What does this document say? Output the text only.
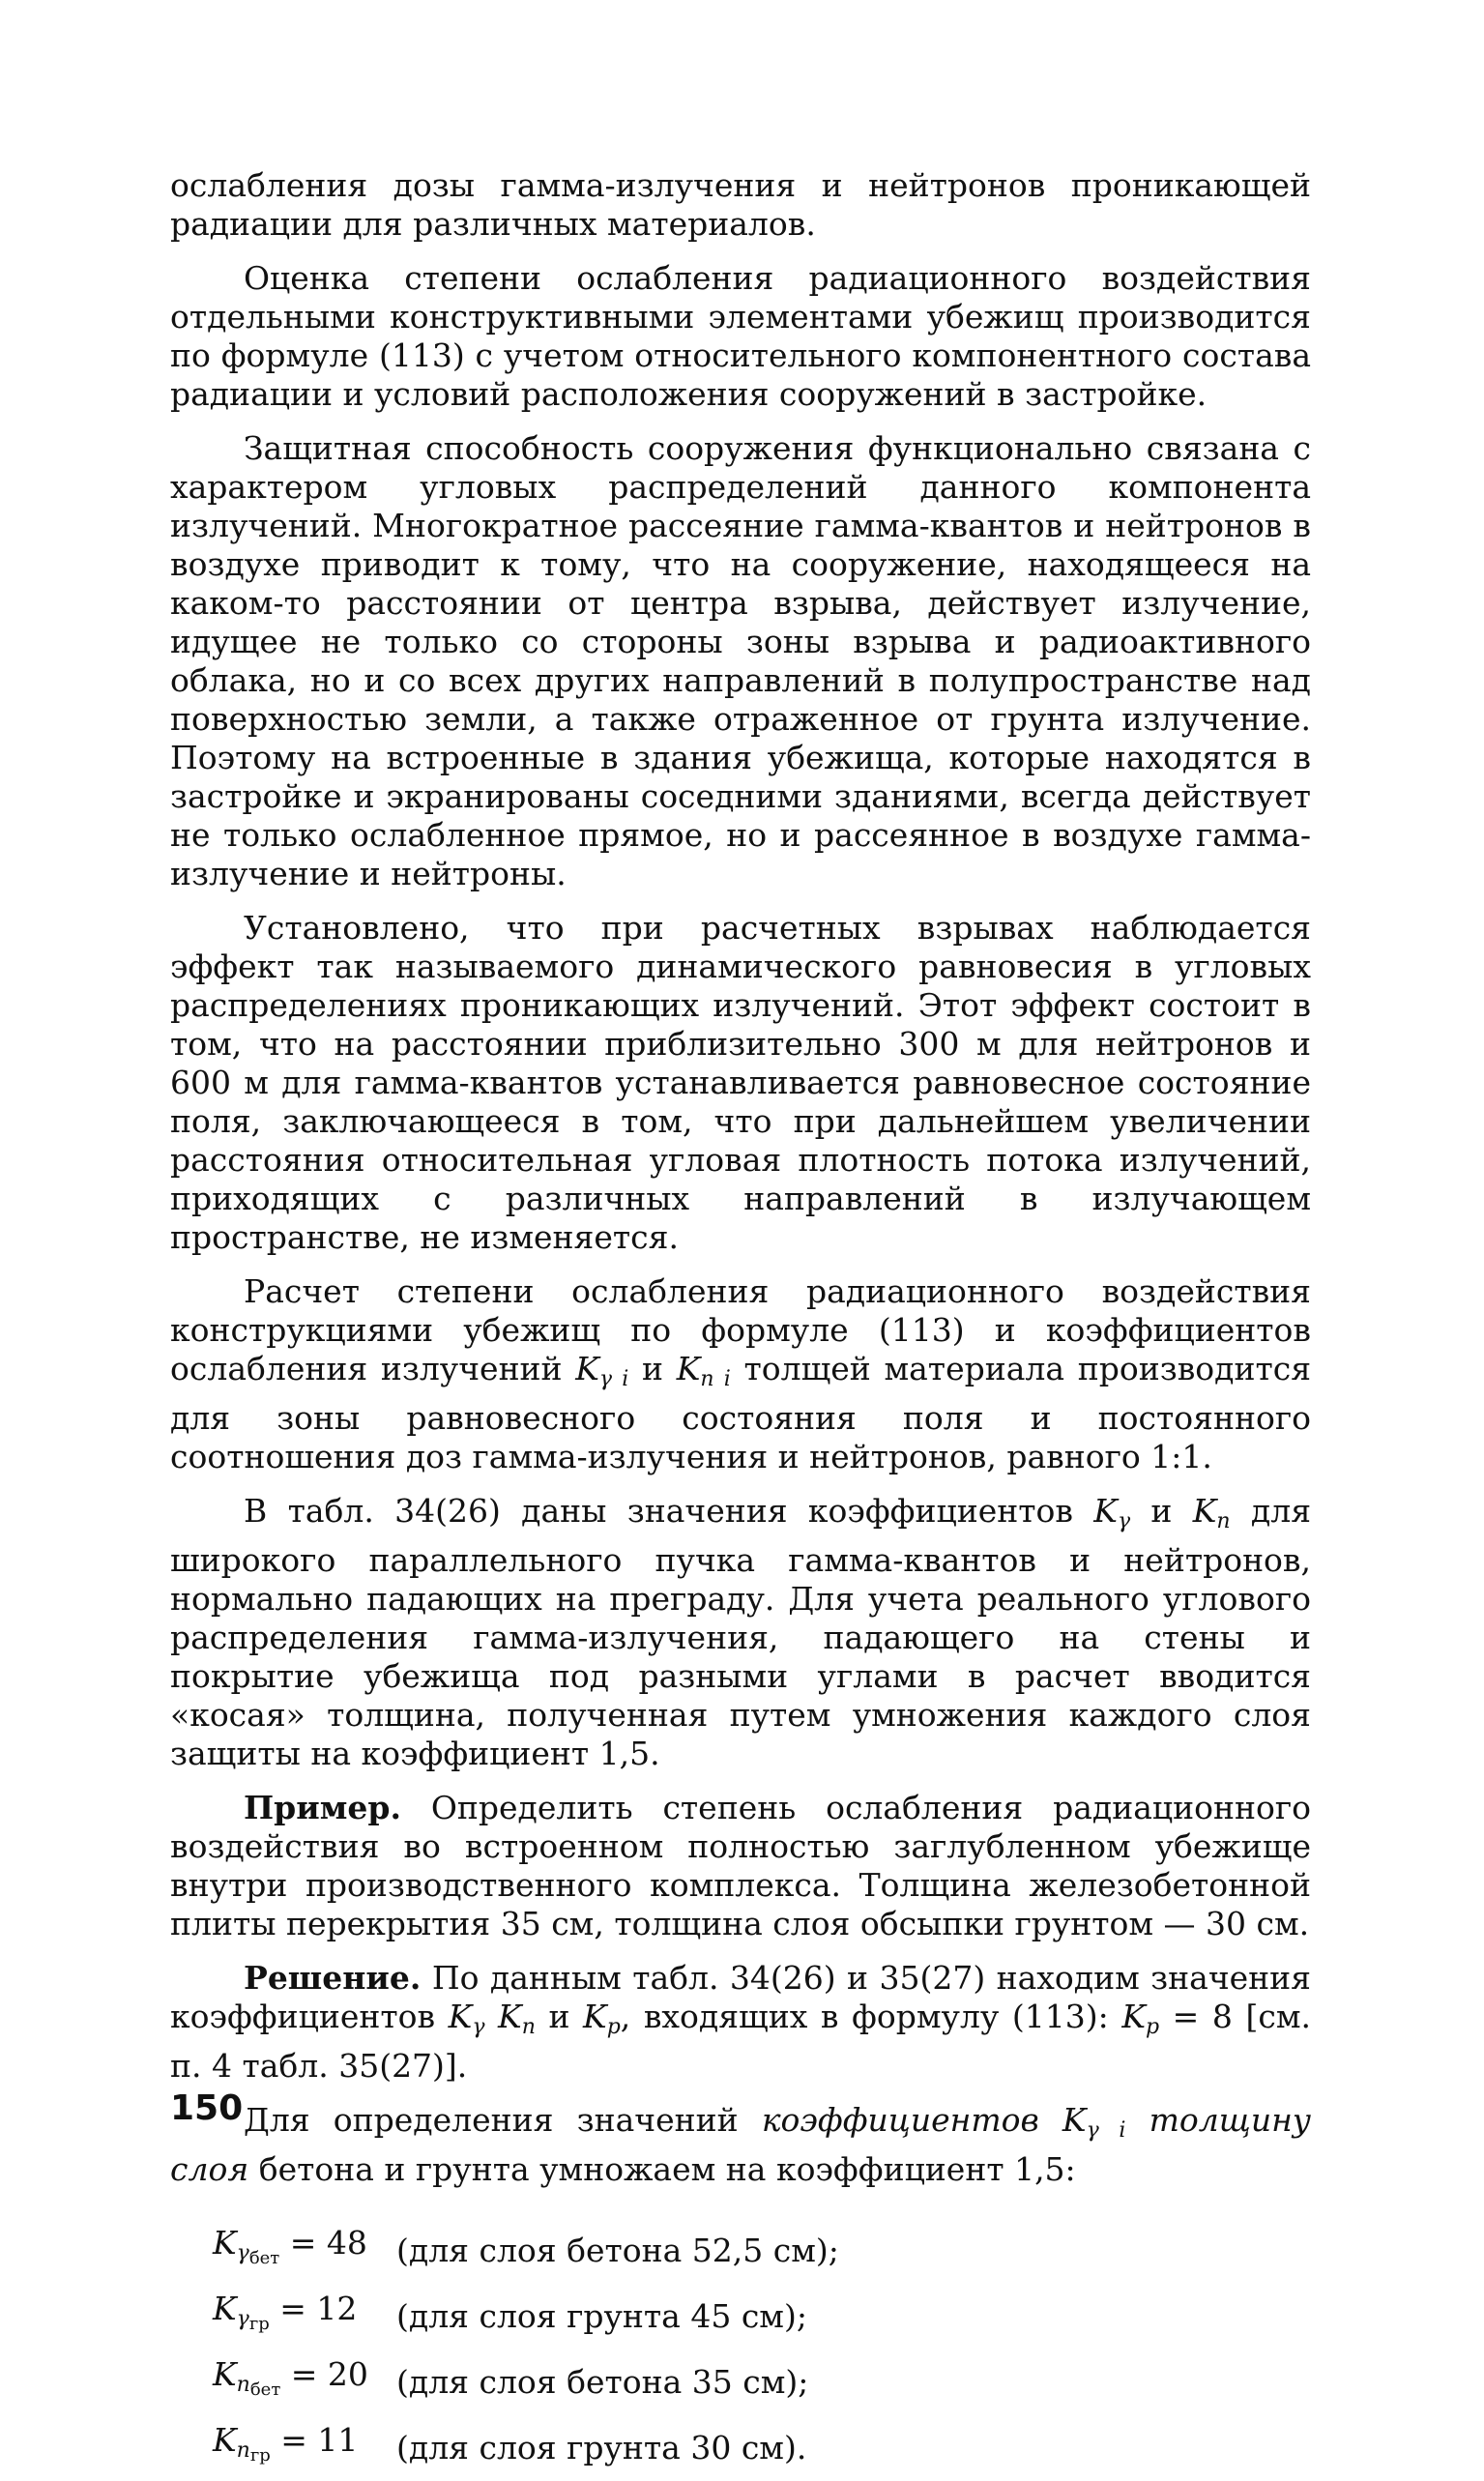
ослабления дозы гамма-излучения и нейтронов проникающей радиации для различных материалов.

Оценка степени ослабления радиационного воздействия отдельными конструктивными элементами убежищ производится по формуле (113) с учетом относительного компонентного состава радиации и условий расположения сооружений в застройке.

Защитная способность сооружения функционально связана с характером угловых распределений данного компонента излучений. Многократное рассеяние гамма-квантов и нейтронов в воздухе приводит к тому, что на сооружение, находящееся на каком-то расстоянии от центра взрыва, действует излучение, идущее не только со стороны зоны взрыва и радиоактивного облака, но и со всех других направлений в полупространстве над поверхностью земли, а также отраженное от грунта излучение. Поэтому на встроенные в здания убежища, которые находятся в застройке и экранированы соседними зданиями, всегда действует не только ослабленное прямое, но и рассеянное в воздухе гамма-излучение и нейтроны.

Установлено, что при расчетных взрывах наблюдается эффект так называемого динамического равновесия в угловых распределениях проникающих излучений. Этот эффект состоит в том, что на расстоянии приблизительно 300 м для нейтронов и 600 м для гамма-квантов устанавливается равновесное состояние поля, заключающееся в том, что при дальнейшем увеличении расстояния относительная угловая плотность потока излучений, приходящих с различных направлений в излучающем пространстве, не изменяется.

Расчет степени ослабления радиационного воздействия конструкциями убежищ по формуле (113) и коэффициентов ослабления излучений $K_{\gamma i}$ и $K_{n i}$ толщей материала производится для зоны равновесного состояния поля и постоянного соотношения доз гамма-излучения и нейтронов, равного 1:1.

В табл. 34(26) даны значения коэффициентов $K_\gamma$ и $K_n$ для широкого параллельного пучка гамма-квантов и нейтронов, нормально падающих на преграду. Для учета реального углового распределения гамма-излучения, падающего на стены и покрытие убежища под разными углами в расчет вводится «косая» толщина, полученная путем умножения каждого слоя защиты на коэффициент 1,5.

Пример. Определить степень ослабления радиационного воздействия во встроенном полностью заглубленном убежище внутри производственного комплекса. Толщина железобетонной плиты перекрытия 35 см, толщина слоя обсыпки грунтом — 30 см.

Решение. По данным табл. 34(26) и 35(27) находим значения коэффициентов $K_\gamma$ $K_n$ и $K_p$, входящих в формулу (113): $K_p = 8$ [см. п. 4 табл. 35(27)].

Для определения значений коэффициентов $K_{\gamma i}$ толщину слоя бетона и грунта умножаем на коэффициент 1,5:

$K_{\gamma бет} = 48$ (для слоя бетона 52,5 см);
$K_{\gamma гр} = 12$	(для слоя грунта 45 см);
$K_{nбет} = 20$ (для слоя бетона 35 см);
$K_{nгр} = 11$	(для слоя грунта 30 см).
150
